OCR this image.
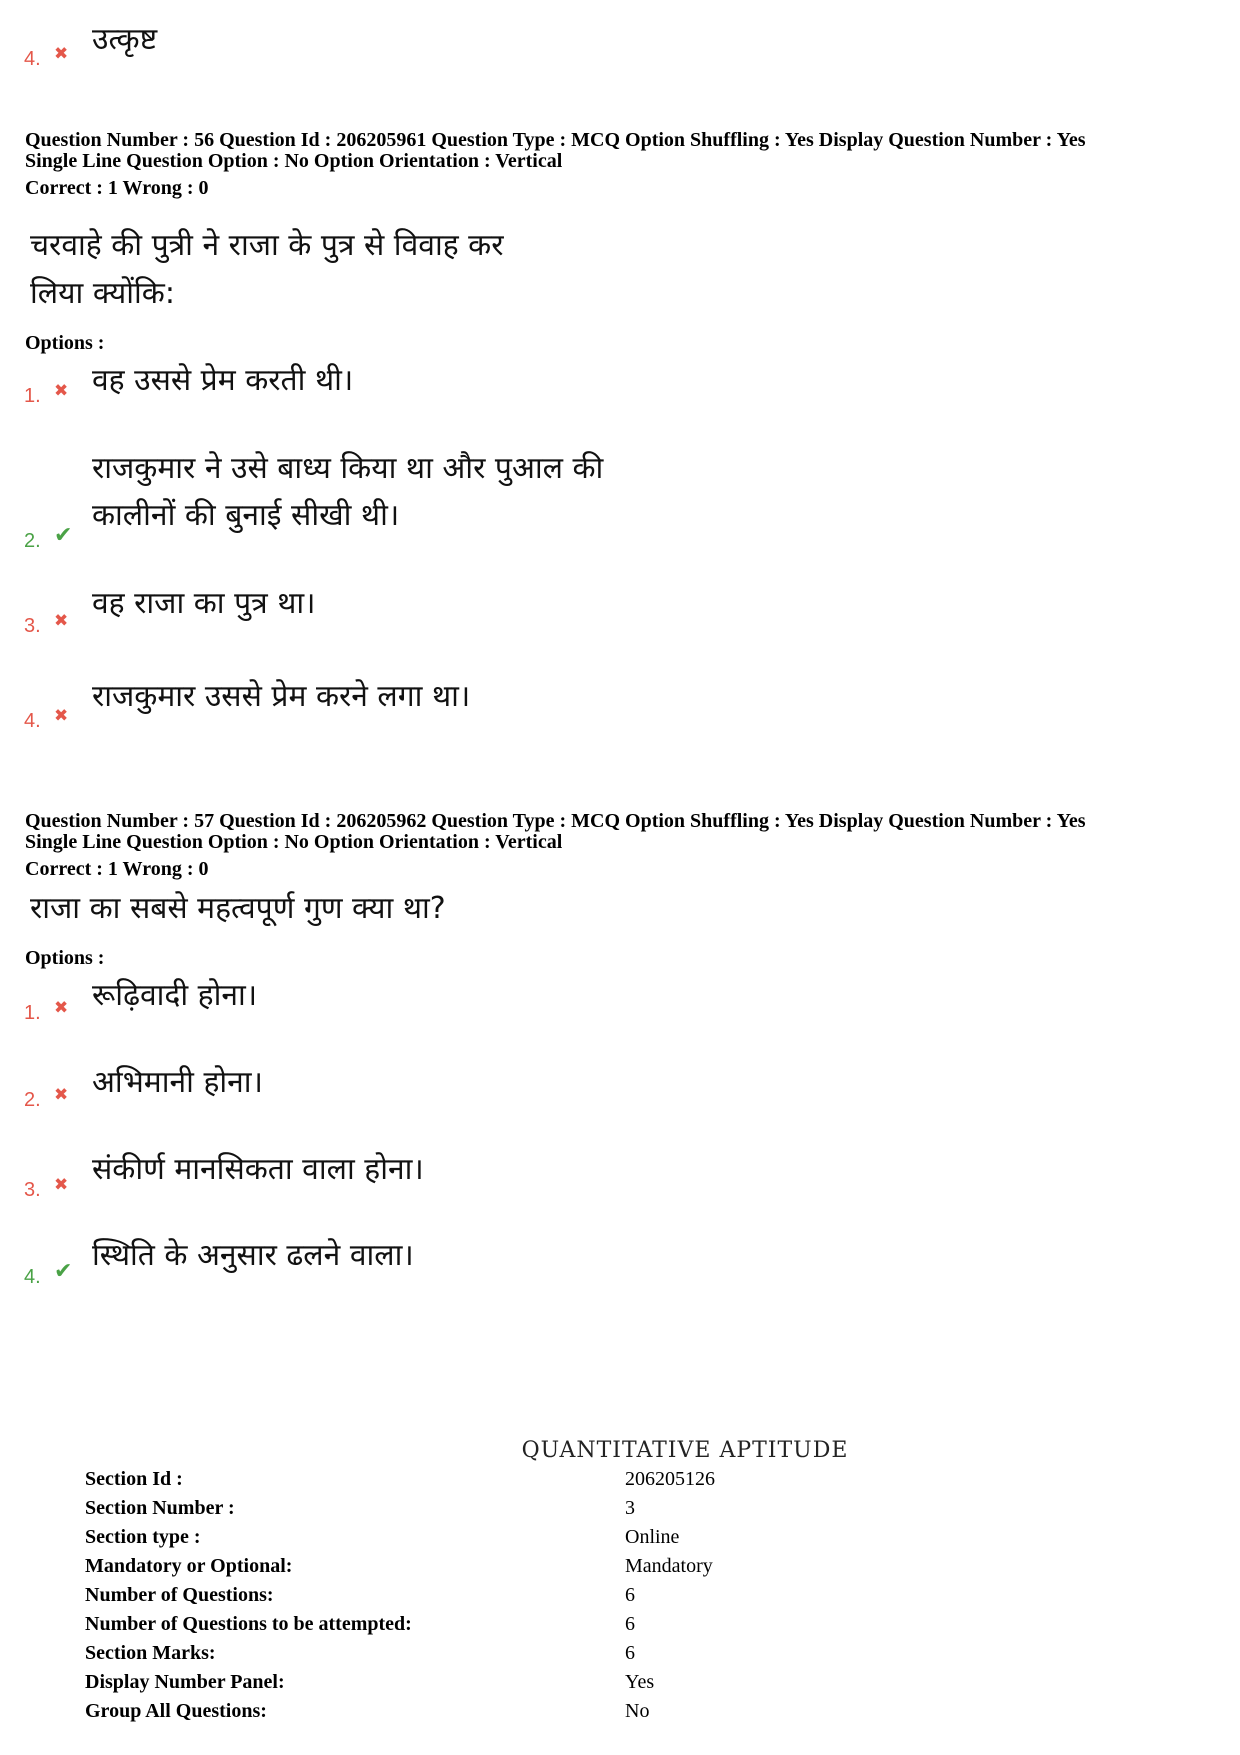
4. ✖ उत्कृष्ट
Question Number : 56 Question Id : 206205961 Question Type : MCQ Option Shuffling : Yes Display Question Number : Yes
Single Line Question Option : No Option Orientation : Vertical
Correct : 1 Wrong : 0
चरवाहे की पुत्री ने राजा के पुत्र से विवाह कर
लिया क्योंकि:
Options :
1. ✖ वह उससे प्रेम करती थी।
राजकुमार ने उसे बाध्य किया था और पुआल की
कालीनों की बुनाई सीखी थी।
2. ✔
3. ✖ वह राजा का पुत्र था।
4. ✖
राजकुमार उससे प्रेम करने लगा था।
Question Number : 57 Question Id : 206205962 Question Type : MCQ Option Shuffling : Yes Display Question Number : Yes
Single Line Question Option : No Option Orientation : Vertical
Correct : 1 Wrong : 0
राजा का सबसे महत्वपूर्ण गुण क्या था?
Options :
1. ✖ रूढ़िवादी होना।
2. ✖ अभिमानी होना।
3. ✖ संकीर्ण मानसिकता वाला होना।
4. ✔ स्थिति के अनुसार ढलने वाला।
QUANTITATIVE APTITUDE
Section Id :	206205126
Section Number :	3
Section type :	Online
Mandatory or Optional:	Mandatory
Number of Questions:	6
Number of Questions to be attempted:	6
Section Marks:	6
Display Number Panel:	Yes
Group All Questions:	No
